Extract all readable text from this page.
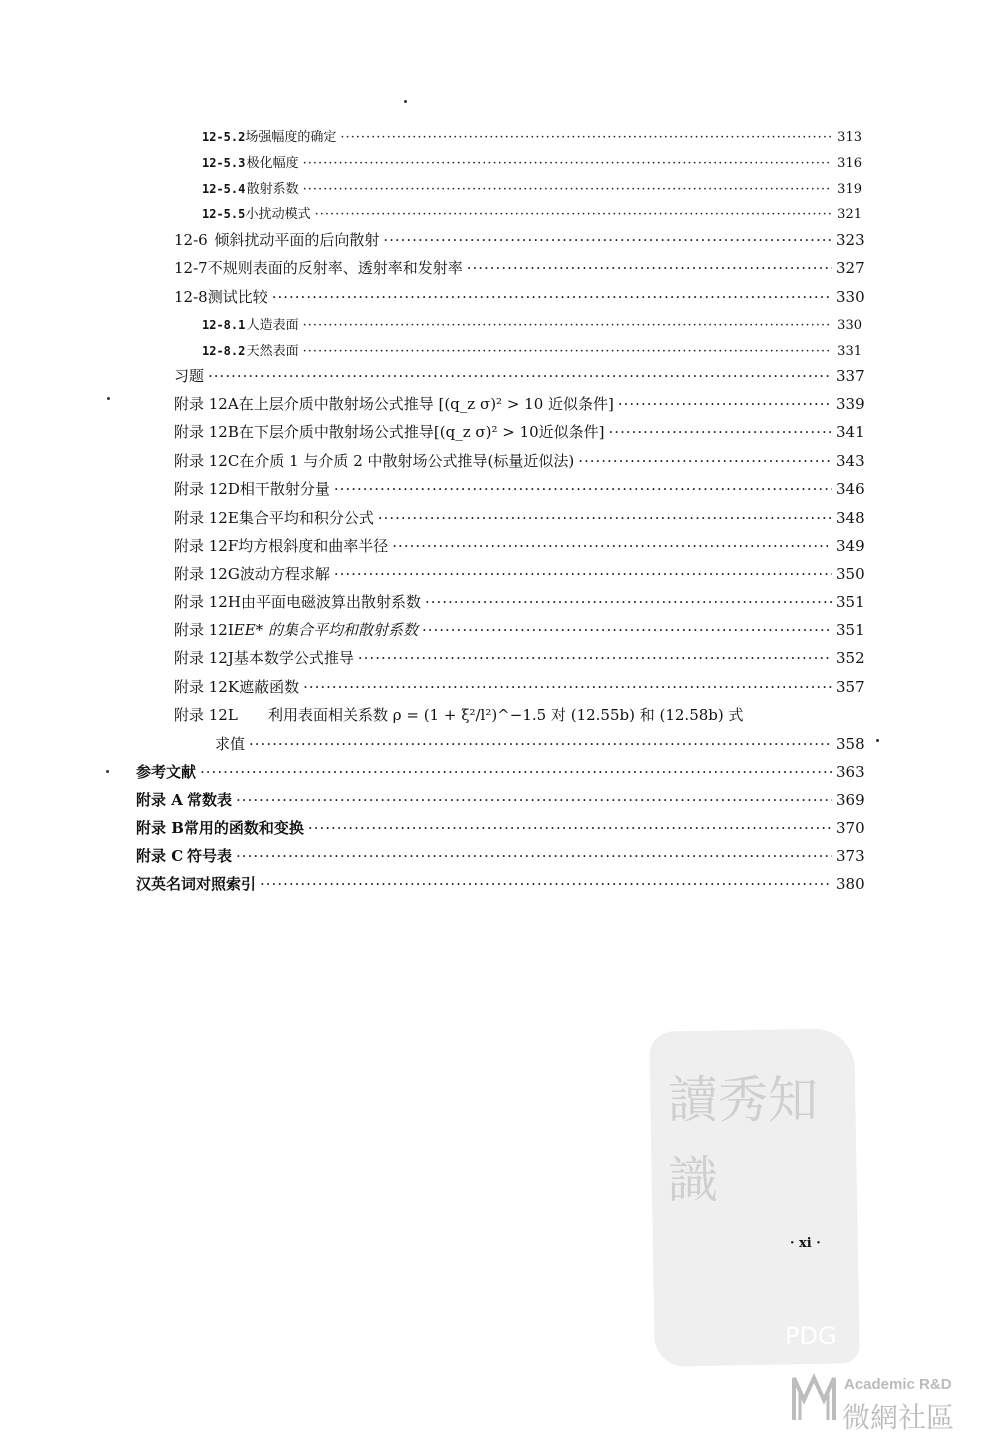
12-5.2 场强幅度的确定 ·····	313
12-5.3 极化幅度 ·····	316
12-5.4 散射系数 ·····	319
12-5.5 小扰动模式 ·····	321
12-6 倾斜扰动平面的后向散射 ·····	323
12-7 不规则表面的反射率、透射率和发射率 ·····	327
12-8 测试比较 ·····	330
12-8.1 人造表面 ·····	330
12-8.2 天然表面 ·····	331
习题 ·····	337
附录 12A 在上层介质中散射场公式推导 [(q_z σ)² > 10 近似条件] ·····	339
附录 12B 在下层介质中散射场公式推导[(q_z σ)² > 10近似条件] ·····	341
附录 12C 在介质 1 与介质 2 中散射场公式推导(标量近似法) ·····	343
附录 12D 相干散射分量 ·····	346
附录 12E 集合平均和积分公式 ·····	348
附录 12F 均方根斜度和曲率半径 ·····	349
附录 12G 波动方程求解 ·····	350
附录 12H 由平面电磁波算出散射系数 ·····	351
附录 12I EE* 的集合平均和散射系数 ·····	351
附录 12J 基本数学公式推导 ·····	352
附录 12K 遮蔽函数 ·····	357
附录 12L	利用表面相关系数 ρ = (1 + ξ²/l²)^−1.5 对 (12.55b) 和 (12.58b) 式
求值 ·····	358
参考文献 ·····	363
附录 A 常数表 ·····	369
附录 B 常用的函数和变换 ·····	370
附录 C 符号表 ·····	373
汉英名词对照索引 ·····	380
讀秀知識
PDG
· xi ·
Academic R&D
微網社區
